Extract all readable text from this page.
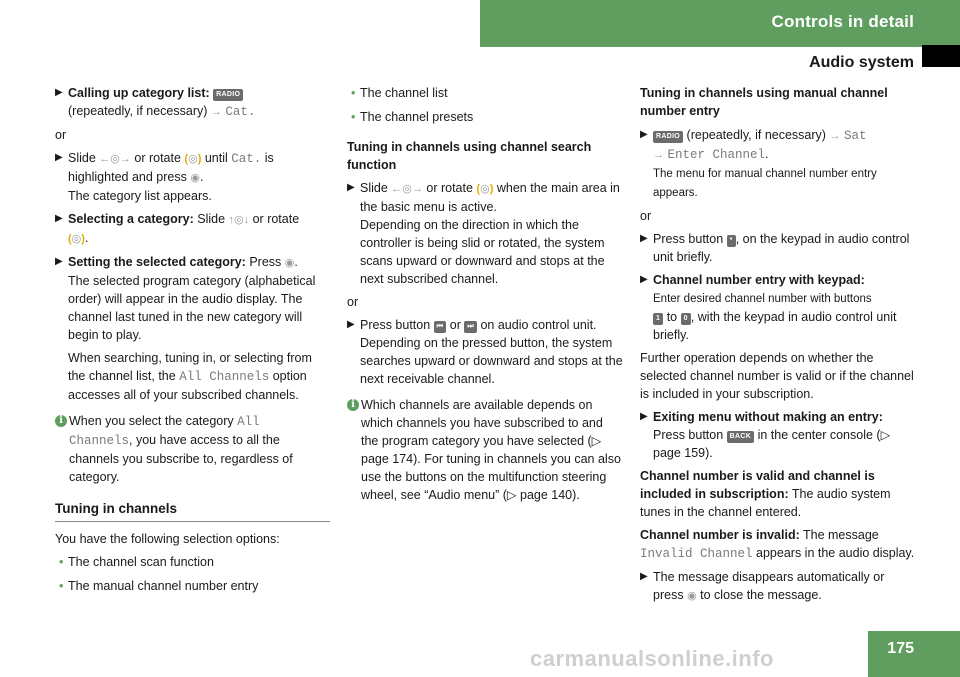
Controls in detail
Audio system
▶ Calling up category list: RADIO
(repeatedly, if necessary) → Cat.
or
▶ Slide ←◎→ or rotate (◎) until Cat. is highlighted and press ◉.
The category list appears.
▶ Selecting a category: Slide ↑◎↓ or rotate
(◎).
▶ Setting the selected category: Press ◉.
The selected program category (alphabetical order) will appear in the audio display. The channel last tuned in the new category will begin to play.
When searching, tuning in, or selecting from the channel list, the All Channels option accesses all of your subscribed channels.
i When you select the category All Channels, you have access to all the channels you subscribe to, regardless of category.
Tuning in channels
You have the following selection options:
• The channel scan function
• The manual channel number entry
• The channel list
• The channel presets
Tuning in channels using channel search function
▶ Slide ←◎→ or rotate (◎) when the main area in the basic menu is active.
Depending on the direction in which the controller is being slid or rotated, the system scans upward or downward and stops at the next subscribed channel.
or
▶ Press button ⏮ or ⏭ on audio control unit.
Depending on the pressed button, the system searches upward or downward and stops at the next receivable channel.
i Which channels are available depends on which channels you have subscribed to and the program category you have selected (▷ page 174). For tuning in channels you can also use the buttons on the multifunction steering wheel, see “Audio menu” (▷ page 140).
Tuning in channels using manual channel number entry
▶ RADIO (repeatedly, if necessary) → Sat
→ Enter Channel.
The menu for manual channel number entry appears.
or
▶ Press button * , on the keypad in audio control unit briefly.
▶ Channel number entry with keypad:
Enter desired channel number with buttons
1 to 0 , with the keypad in audio control unit briefly.
Further operation depends on whether the selected channel number is valid or if the channel is included in your subscription.
▶ Exiting menu without making an entry:
Press button BACK in the center console (▷ page 159).
Channel number is valid and channel is included in subscription: The audio system tunes in the channel entered.
Channel number is invalid: The message Invalid Channel appears in the audio display.
▶ The message disappears automatically or press ◉ to close the message.
175
carmanualsonline.info
